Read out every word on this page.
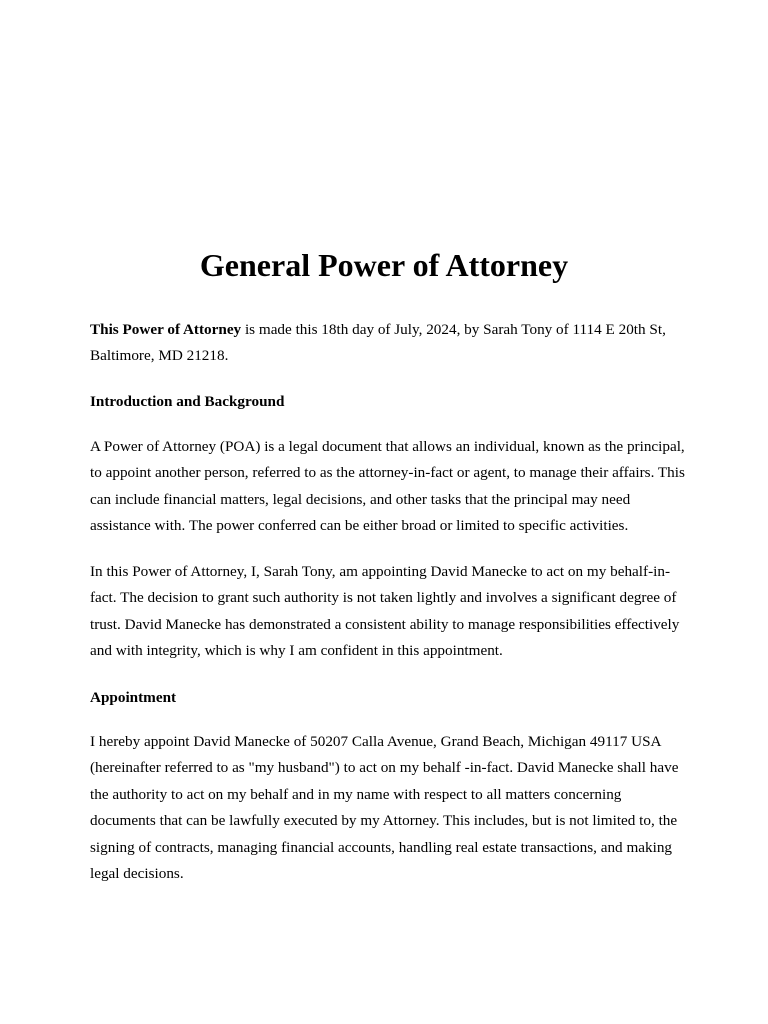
General Power of Attorney

This Power of Attorney is made this 18th day of July, 2024, by Sarah Tony of 1114 E 20th St, Baltimore, MD 21218.

Introduction and Background

A Power of Attorney (POA) is a legal document that allows an individual, known as the principal, to appoint another person, referred to as the attorney-in-fact or agent, to manage their affairs. This can include financial matters, legal decisions, and other tasks that the principal may need assistance with. The power conferred can be either broad or limited to specific activities.

In this Power of Attorney, I, Sarah Tony, am appointing David Manecke to act on my behalf-in-fact. The decision to grant such authority is not taken lightly and involves a significant degree of trust. David Manecke has demonstrated a consistent ability to manage responsibilities effectively and with integrity, which is why I am confident in this appointment.

Appointment

I hereby appoint David Manecke of 50207 Calla Avenue, Grand Beach, Michigan 49117 USA (hereinafter referred to as "my husband") to act on my behalf -in-fact. David Manecke shall have the authority to act on my behalf and in my name with respect to all matters concerning documents that can be lawfully executed by my Attorney. This includes, but is not limited to, the signing of contracts, managing financial accounts, handling real estate transactions, and making legal decisions.
